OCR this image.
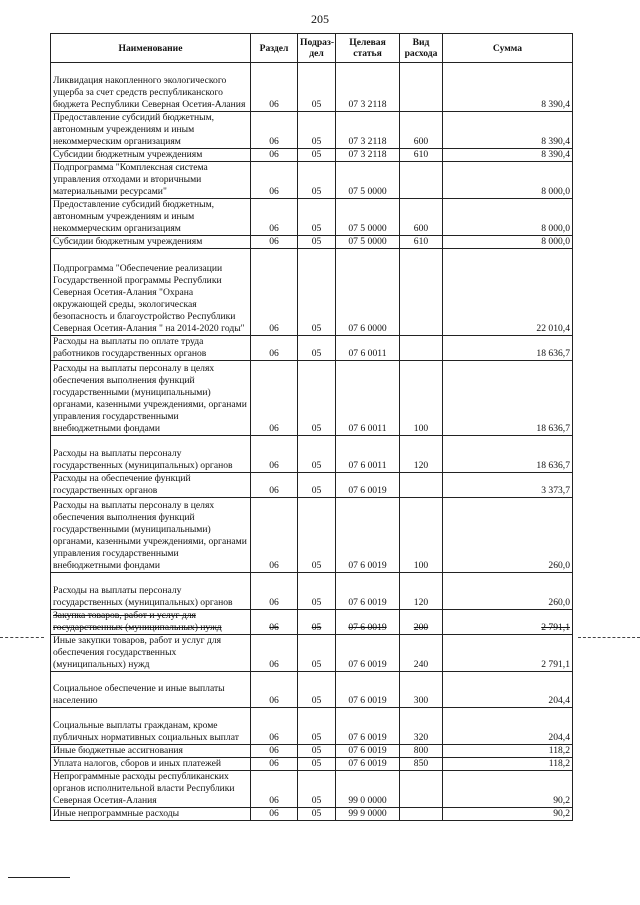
205
Наименование	Раздел	Подраз-дел	Целевая статья	Вид расхода	Сумма
Ликвидация накопленного экологического ущерба за счет средств республиканского бюджета Республики Северная Осетия-Алания	06	05	07 3 2118		8 390,4
Предоставление субсидий бюджетным, автономным учреждениям и иным некоммерческим организациям	06	05	07 3 2118	600	8 390,4
Субсидии бюджетным учреждениям	06	05	07 3 2118	610	8 390,4
Подпрограмма "Комплексная система управления отходами и вторичными материальными ресурсами"	06	05	07 5 0000		8 000,0
Предоставление субсидий бюджетным, автономным учреждениям и иным некоммерческим организациям	06	05	07 5 0000	600	8 000,0
Субсидии бюджетным учреждениям	06	05	07 5 0000	610	8 000,0
Подпрограмма "Обеспечение реализации Государственной программы Республики Северная Осетия-Алания "Охрана окружающей среды, экологическая безопасность и благоустройство Республики Северная Осетия-Алания " на 2014-2020 годы"	06	05	07 6 0000		22 010,4
Расходы на выплаты по оплате труда работников государственных органов	06	05	07 6 0011		18 636,7
Расходы на выплаты персоналу в целях обеспечения выполнения функций государственными (муниципальными) органами, казенными учреждениями, органами управления государственными внебюджетными фондами	06	05	07 6 0011	100	18 636,7
Расходы на выплаты персоналу государственных (муниципальных) органов	06	05	07 6 0011	120	18 636,7
Расходы на обеспечение функций государственных органов	06	05	07 6 0019		3 373,7
Расходы на выплаты персоналу в целях обеспечения выполнения функций государственными (муниципальными) органами, казенными учреждениями, органами управления государственными внебюджетными фондами	06	05	07 6 0019	100	260,0
Расходы на выплаты персоналу государственных (муниципальных) органов	06	05	07 6 0019	120	260,0
Закупка товаров, работ и услуг для государственных (муниципальных) нужд	06	05	07 6 0019	200	2 791,1
Иные закупки товаров, работ и услуг для обеспечения государственных (муниципальных) нужд	06	05	07 6 0019	240	2 791,1
Социальное обеспечение и иные выплаты населению	06	05	07 6 0019	300	204,4
Социальные выплаты гражданам, кроме публичных нормативных социальных выплат	06	05	07 6 0019	320	204,4
Иные бюджетные ассигнования	06	05	07 6 0019	800	118,2
Уплата налогов, сборов и иных платежей	06	05	07 6 0019	850	118,2
Непрограммные расходы республиканских органов исполнительной власти Республики Северная Осетия-Алания	06	05	99 0 0000		90,2
Иные непрограммные расходы	06	05	99 9 0000		90,2
